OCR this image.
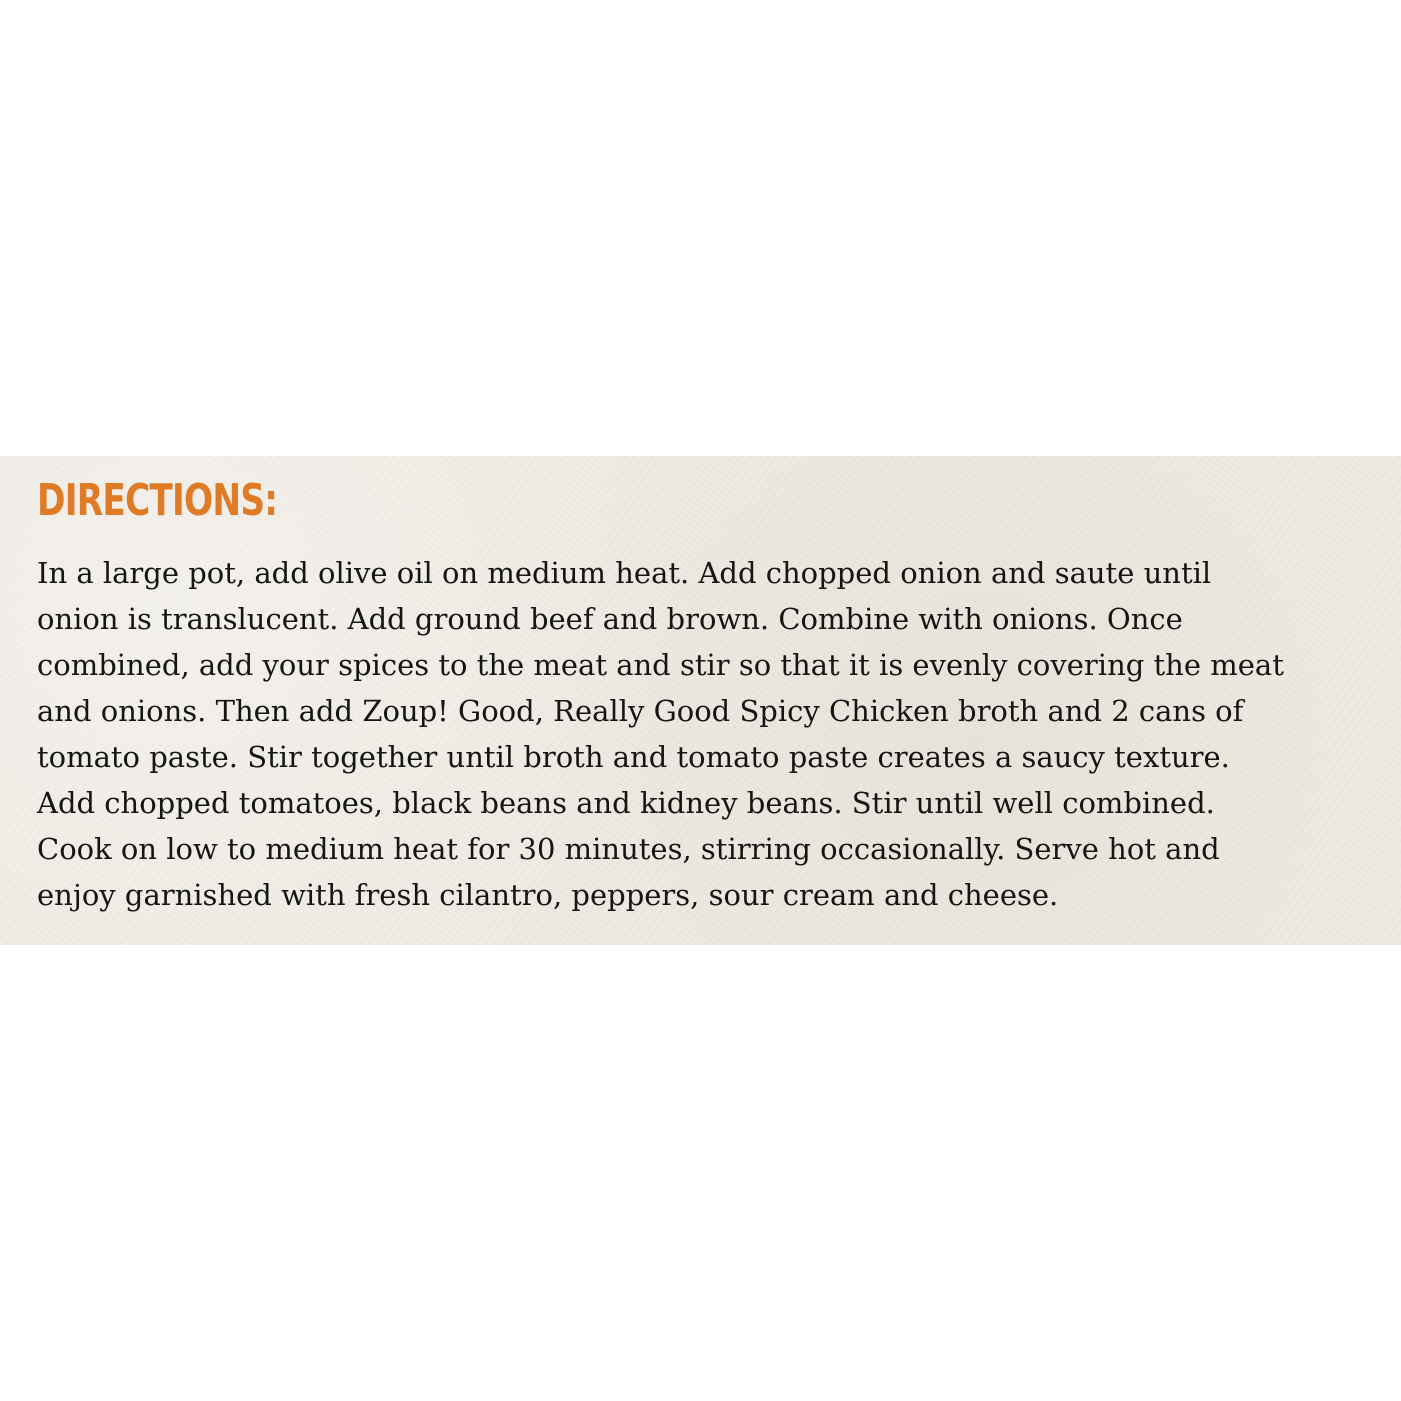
DIRECTIONS:

In a large pot, add olive oil on medium heat. Add chopped onion and saute until
onion is translucent. Add ground beef and brown. Combine with onions. Once
combined, add your spices to the meat and stir so that it is evenly covering the meat
and onions. Then add Zoup! Good, Really Good Spicy Chicken broth and 2 cans of
tomato paste. Stir together until broth and tomato paste creates a saucy texture.
Add chopped tomatoes, black beans and kidney beans. Stir until well combined.
Cook on low to medium heat for 30 minutes, stirring occasionally. Serve hot and
enjoy garnished with fresh cilantro, peppers, sour cream and cheese.
